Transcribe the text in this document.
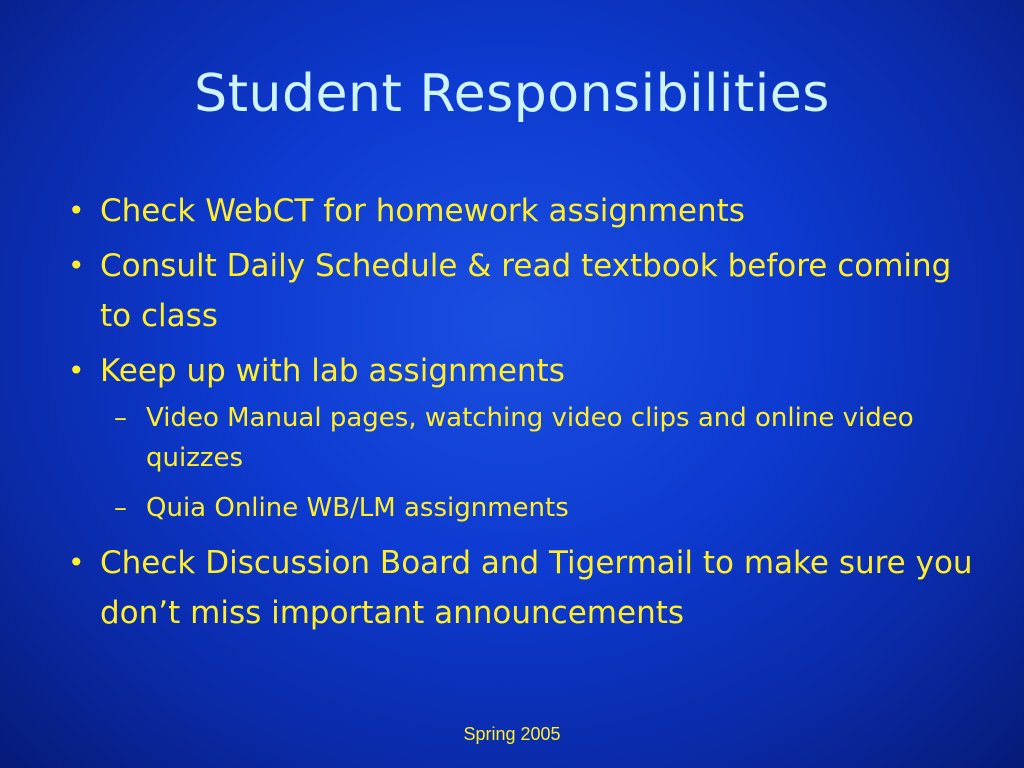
Student Responsibilities
• Check WebCT for homework assignments
• Consult Daily Schedule & read textbook before coming to class
• Keep up with lab assignments
– Video Manual pages, watching video clips and online video quizzes
– Quia Online WB/LM assignments
• Check Discussion Board and Tigermail to make sure you don’t miss important announcements
Spring 2005
